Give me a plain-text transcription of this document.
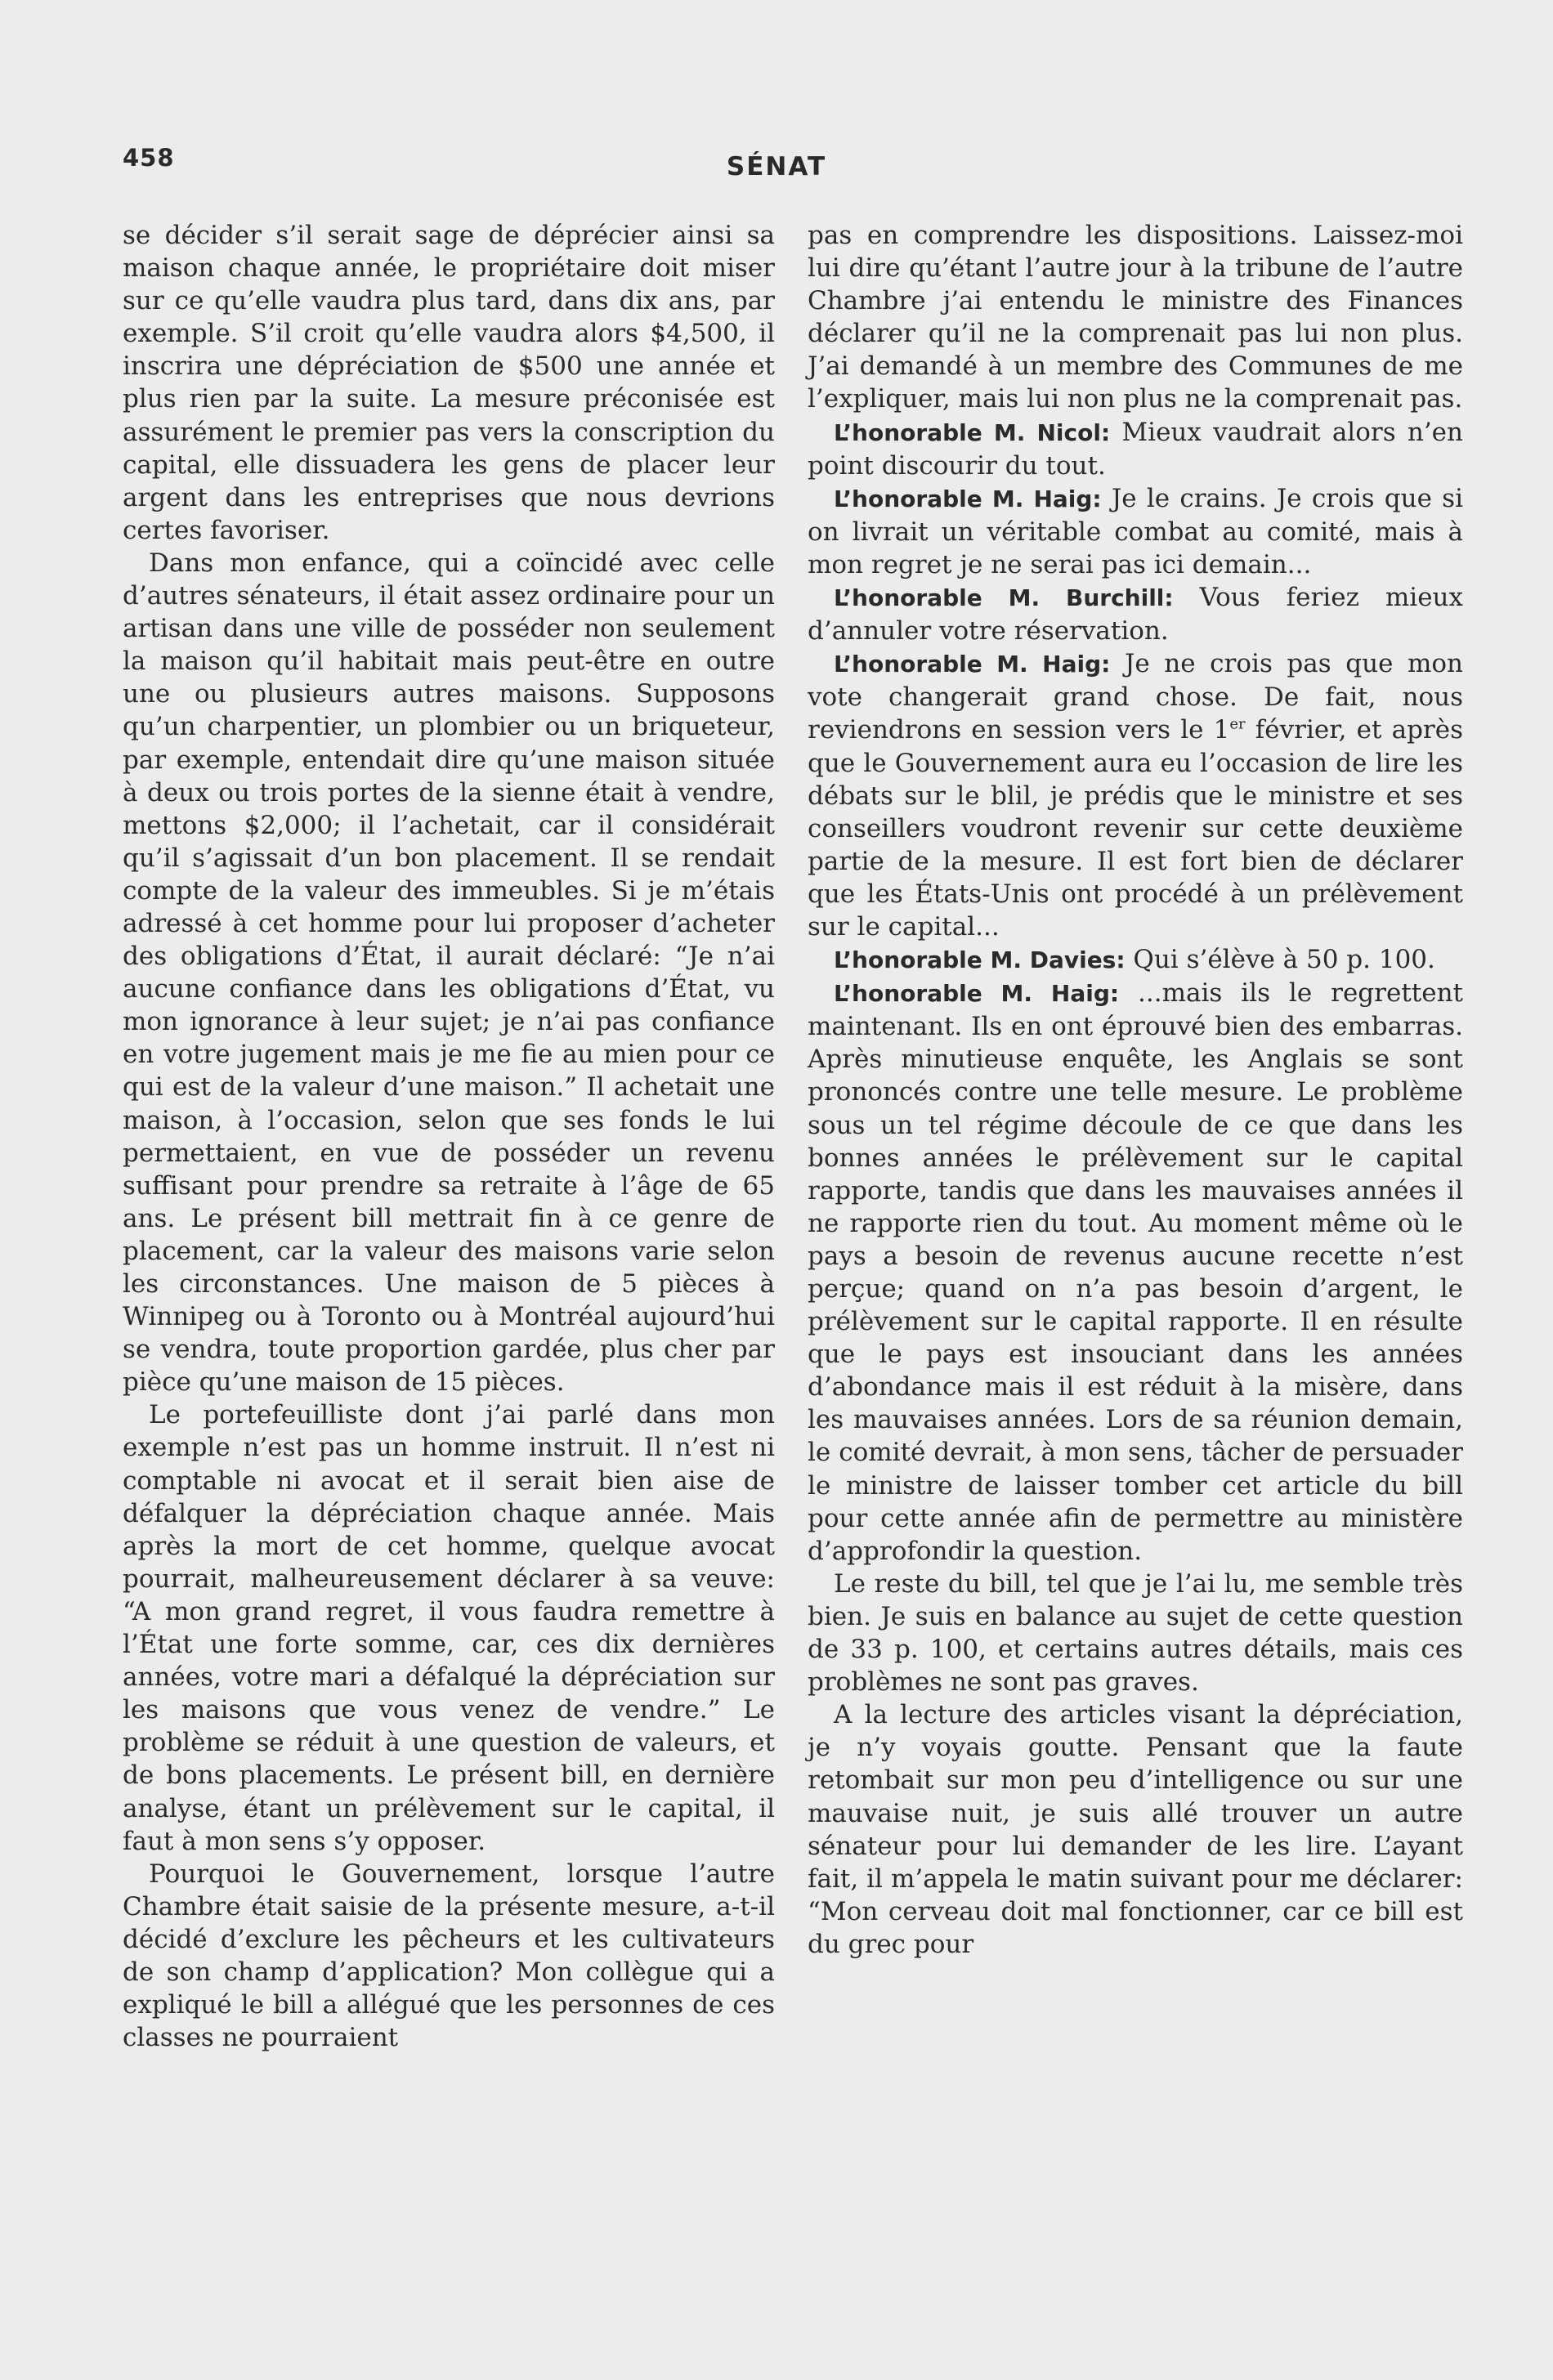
458	SÉNAT

se décider s’il serait sage de déprécier ainsi sa maison chaque année, le propriétaire doit miser sur ce qu’elle vaudra plus tard, dans dix ans, par exemple. S’il croit qu’elle vaudra alors $4,500, il inscrira une dépréciation de $500 une année et plus rien par la suite. La mesure préconisée est assurément le premier pas vers la conscription du capital, elle dissuadera les gens de placer leur argent dans les entreprises que nous devrions certes favoriser.

Dans mon enfance, qui a coïncidé avec celle d’autres sénateurs, il était assez ordinaire pour un artisan dans une ville de posséder non seulement la maison qu’il habitait mais peut-être en outre une ou plusieurs autres maisons. Supposons qu’un charpentier, un plombier ou un briqueteur, par exemple, entendait dire qu’une maison située à deux ou trois portes de la sienne était à vendre, mettons $2,000; il l’achetait, car il considérait qu’il s’agissait d’un bon placement. Il se rendait compte de la valeur des immeubles. Si je m’étais adressé à cet homme pour lui proposer d’acheter des obligations d’État, il aurait déclaré: “Je n’ai aucune confiance dans les obligations d’État, vu mon ignorance à leur sujet; je n’ai pas confiance en votre jugement mais je me fie au mien pour ce qui est de la valeur d’une maison.” Il achetait une maison, à l’occasion, selon que ses fonds le lui permettaient, en vue de posséder un revenu suffisant pour prendre sa retraite à l’âge de 65 ans. Le présent bill mettrait fin à ce genre de placement, car la valeur des maisons varie selon les circonstances. Une maison de 5 pièces à Winnipeg ou à Toronto ou à Montréal aujourd’hui se vendra, toute proportion gardée, plus cher par pièce qu’une maison de 15 pièces.

Le portefeuilliste dont j’ai parlé dans mon exemple n’est pas un homme instruit. Il n’est ni comptable ni avocat et il serait bien aise de défalquer la dépréciation chaque année. Mais après la mort de cet homme, quelque avocat pourrait, malheureusement déclarer à sa veuve: “A mon grand regret, il vous faudra remettre à l’État une forte somme, car, ces dix dernières années, votre mari a défalqué la dépréciation sur les maisons que vous venez de vendre.” Le problème se réduit à une question de valeurs, et de bons placements. Le présent bill, en dernière analyse, étant un prélèvement sur le capital, il faut à mon sens s’y opposer.

Pourquoi le Gouvernement, lorsque l’autre Chambre était saisie de la présente mesure, a-t-il décidé d’exclure les pêcheurs et les cultivateurs de son champ d’application? Mon collègue qui a expliqué le bill a allégué que les personnes de ces classes ne pourraient

pas en comprendre les dispositions. Laissez-moi lui dire qu’étant l’autre jour à la tribune de l’autre Chambre j’ai entendu le ministre des Finances déclarer qu’il ne la comprenait pas lui non plus. J’ai demandé à un membre des Communes de me l’expliquer, mais lui non plus ne la comprenait pas.

L’honorable M. Nicol: Mieux vaudrait alors n’en point discourir du tout.

L’honorable M. Haig: Je le crains. Je crois que si on livrait un véritable combat au comité, mais à mon regret je ne serai pas ici demain...

L’honorable M. Burchill: Vous feriez mieux d’annuler votre réservation.

L’honorable M. Haig: Je ne crois pas que mon vote changerait grand chose. De fait, nous reviendrons en session vers le 1er février, et après que le Gouvernement aura eu l’occasion de lire les débats sur le blil, je prédis que le ministre et ses conseillers voudront revenir sur cette deuxième partie de la mesure. Il est fort bien de déclarer que les États-Unis ont procédé à un prélèvement sur le capital...

L’honorable M. Davies: Qui s’élève à 50 p. 100.

L’honorable M. Haig: ...mais ils le regrettent maintenant. Ils en ont éprouvé bien des embarras. Après minutieuse enquête, les Anglais se sont prononcés contre une telle mesure. Le problème sous un tel régime découle de ce que dans les bonnes années le prélèvement sur le capital rapporte, tandis que dans les mauvaises années il ne rapporte rien du tout. Au moment même où le pays a besoin de revenus aucune recette n’est perçue; quand on n’a pas besoin d’argent, le prélèvement sur le capital rapporte. Il en résulte que le pays est insouciant dans les années d’abondance mais il est réduit à la misère, dans les mauvaises années. Lors de sa réunion demain, le comité devrait, à mon sens, tâcher de persuader le ministre de laisser tomber cet article du bill pour cette année afin de permettre au ministère d’approfondir la question.

Le reste du bill, tel que je l’ai lu, me semble très bien. Je suis en balance au sujet de cette question de 33 p. 100, et certains autres détails, mais ces problèmes ne sont pas graves.

A la lecture des articles visant la dépréciation, je n’y voyais goutte. Pensant que la faute retombait sur mon peu d’intelligence ou sur une mauvaise nuit, je suis allé trouver un autre sénateur pour lui demander de les lire. L’ayant fait, il m’appela le matin suivant pour me déclarer: “Mon cerveau doit mal fonctionner, car ce bill est du grec pour
